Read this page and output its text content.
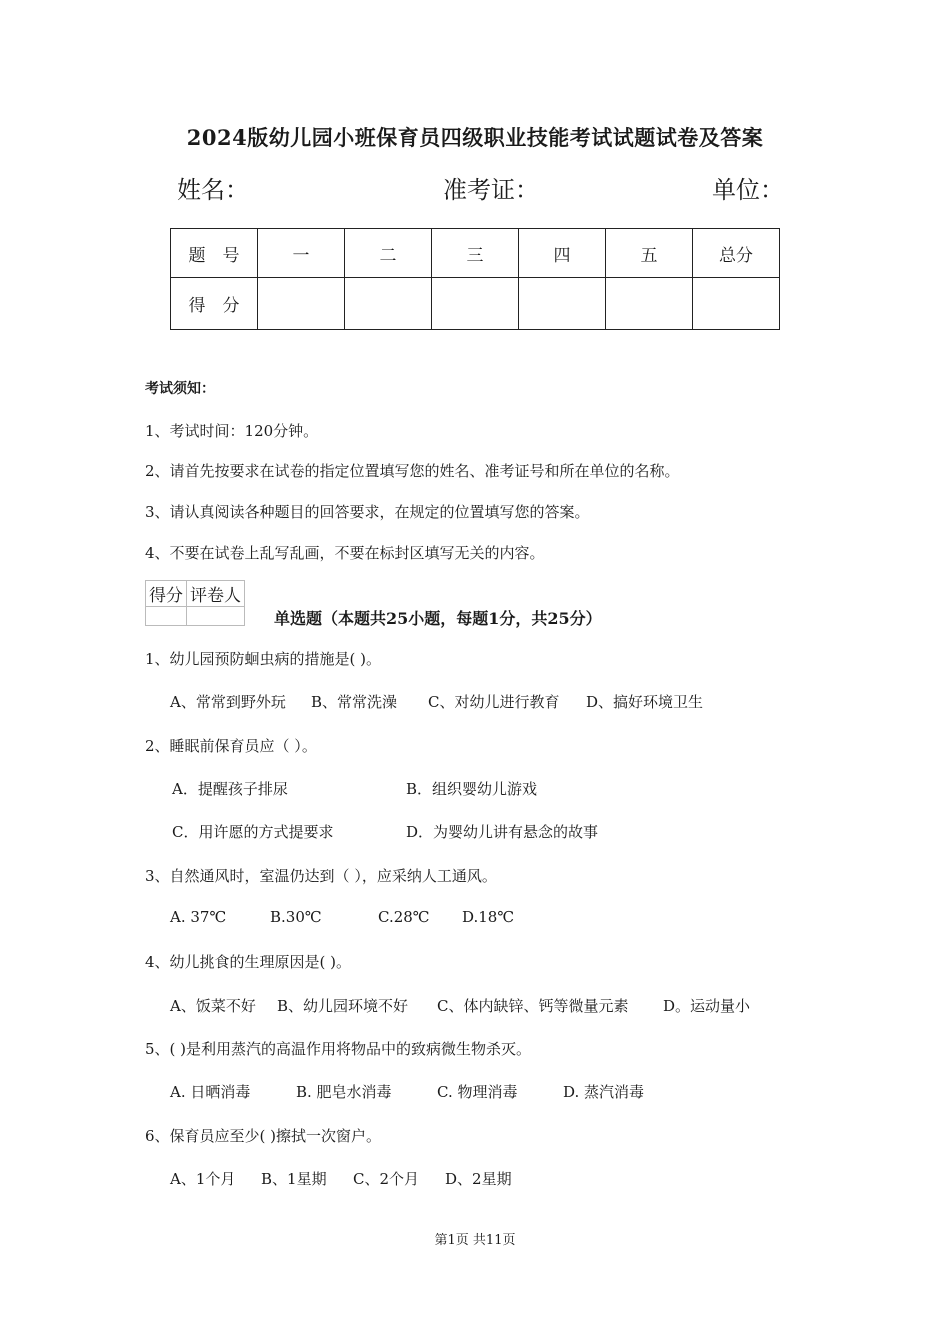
2024版幼儿园小班保育员四级职业技能考试试题试卷及答案
姓名：	准考证：	单位：
题　号	一	二	三	四	五	总分
得　分						
考试须知：
1、考试时间：120分钟。
2、请首先按要求在试卷的指定位置填写您的姓名、准考证号和所在单位的名称。
3、请认真阅读各种题目的回答要求，在规定的位置填写您的答案。
4、不要在试卷上乱写乱画，不要在标封区填写无关的内容。
得分	评卷人

单选题（本题共25小题，每题1分，共25分）
1、幼儿园预防蛔虫病的措施是( )。
A、常常到野外玩 B、常常洗澡 C、对幼儿进行教育 D、搞好环境卫生
2、睡眠前保育员应（ ）。
A．提醒孩子排尿	B．组织婴幼儿游戏
C．用许愿的方式提要求	D．为婴幼儿讲有悬念的故事
3、自然通风时，室温仍达到（ ），应采纳人工通风。
A. 37℃	B.30℃	C.28℃ D.18℃
4、幼儿挑食的生理原因是( )。
A、饭菜不好 B、幼儿园环境不好 C、体内缺锌、钙等微量元素 D。运动量小
5、( )是利用蒸汽的高温作用将物品中的致病微生物杀灭。
A. 日晒消毒	B. 肥皂水消毒	C. 物理消毒	D. 蒸汽消毒
6、保育员应至少( )擦拭一次窗户。
A、1个月 B、1星期 C、2个月 D、2星期
第1页 共11页
